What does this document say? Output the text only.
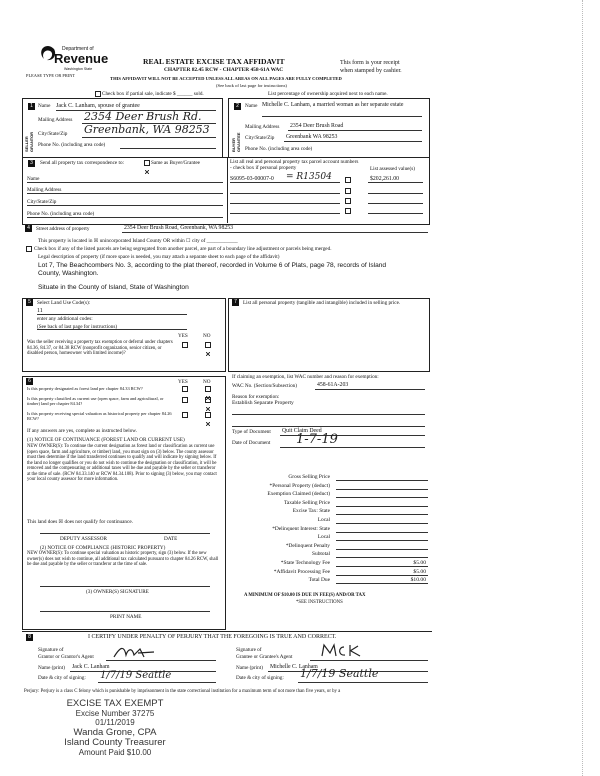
Department of
Revenue
Washington State
PLEASE TYPE OR PRINT
REAL ESTATE EXCISE TAX AFFIDAVIT
CHAPTER 82.45 RCW - CHAPTER 458-61A WAC
THIS AFFIDAVIT WILL NOT BE ACCEPTED UNLESS ALL AREAS ON ALL PAGES ARE FULLY COMPLETED
(See back of last page for instructions)
This form is your receipt
when stamped by cashier.
Check box if partial sale, indicate $ ______ sold.	List percentage of ownership acquired next to each name.
1
SELLER GRANTOR
Name Jack C. Lanham, spouse of grantee
Mailing Address 2354 Deer Brush Rd.
City/State/Zip Greenbank, WA 98253
Phone No. (including area code)
2
BUYER GRANTEE
Name Michelle C. Lanham, a married woman as her separate estate
Mailing Address 2354 Deer Brush Road
City/State/Zip Greenbank WA 98253
Phone No. (including area code)
3	Send all property tax correspondence to:	Same as Buyer/Grantee
Name
Mailing Address
City/State/Zip
Phone No. (including area code)
List all real and personal property tax parcel account numbers - check box if personal property	List assessed value(s)
S6095-03-00007-0 = R13504	$202,261.00
4	Street address of property	2354 Deer Brush Road, Greenbank, WA 98253
This property is located in ☒ unincorporated Island County OR within ☐ city of ____________
Check box if any of the listed parcels are being segregated from another parcel, are part of a boundary line adjustment or parcels being merged.
Legal description of property (if more space is needed, you may attach a separate sheet to each page of the affidavit)
Lot 7, The Beachcombers No. 3, according to the plat thereof, recorded in Volume 6 of Plats, page 78, records of Island
County, Washington.
Situate in the County of Island, State of Washington
5	Select Land Use Code(s):
11
enter any additional codes:
(See back of last page for instructions)
YES	NO
Was the seller receiving a property tax exemption or deferral under chapters 84.36, 84.37, or 84.38 RCW (nonprofit organization, senior citizen, or disabled person, homeowner with limited income)?
6	YES	NO
Is this property designated as forest land per chapter 84.33 RCW?
Is this property classified as current use (open space, farm and agricultural, or timber) land per chapter 84.34?
Is this property receiving special valuation as historical property per chapter 84.26 RCW?
If any answers are yes, complete as instructed below.
(1) NOTICE OF CONTINUANCE (FOREST LAND OR CURRENT USE)
NEW OWNER(S): To continue the current designation as forest land or classification as current use (open space, farm and agriculture, or timber) land, you must sign on (3) below. The county assessor must then determine if the land transferred continues to qualify and will indicate by signing below. If the land no longer qualifies or you do not wish to continue the designation or classification, it will be removed and the compensating or additional taxes will be due and payable by the seller or transferor at the time of sale. (RCW 84.33.140 or RCW 84.34.108). Prior to signing (3) below, you may contact your local county assessor for more information.
This land does ☒ does not qualify for continuance.
DEPUTY ASSESSOR	DATE
(2) NOTICE OF COMPLIANCE (HISTORIC PROPERTY)
NEW OWNER(S): To continue special valuation as historic property, sign (3) below. If the new owner(s) does not wish to continue, all additional tax calculated pursuant to chapter 84.26 RCW, shall be due and payable by the seller or transferor at the time of sale.
(3) OWNER(S) SIGNATURE
PRINT NAME
7	List all personal property (tangible and intangible) included in selling price.
If claiming an exemption, list WAC number and reason for exemption:
WAC No. (Section/Subsection)	458-61A-203
Reason for exemption:
Establish Separate Property
Type of Document Quit Claim Deed
Date of Document 1-7-19
Gross Selling Price
*Personal Property (deduct)
Exemption Claimed (deduct)
Taxable Selling Price
Excise Tax: State
Local
*Delinquent Interest: State
Local
*Delinquent Penalty
Subtotal
*State Technology Fee	$5.00
*Affidavit Processing Fee	$5.00
Total Due	$10.00
A MINIMUM OF $10.00 IS DUE IN FEE(S) AND/OR TAX
*SEE INSTRUCTIONS
8	I CERTIFY UNDER PENALTY OF PERJURY THAT THE FOREGOING IS TRUE AND CORRECT.
Signature of
Grantor or Grantor's Agent
Name (print) Jack C. Lanham
Date & city of signing: 1/7/19 Seattle
Signature of
Grantee or Grantee's Agent
Name (print) Michelle C. Lanham
Date & city of signing: 1/7/19 Seattle
Perjury: Perjury is a class C felony which is punishable by imprisonment in the state correctional institution for a maximum term of not more than five years, or by a
EXCISE TAX EXEMPT
Excise Number 37275
01/11/2019
Wanda Grone, CPA
Island County Treasurer
Amount Paid $10.00
